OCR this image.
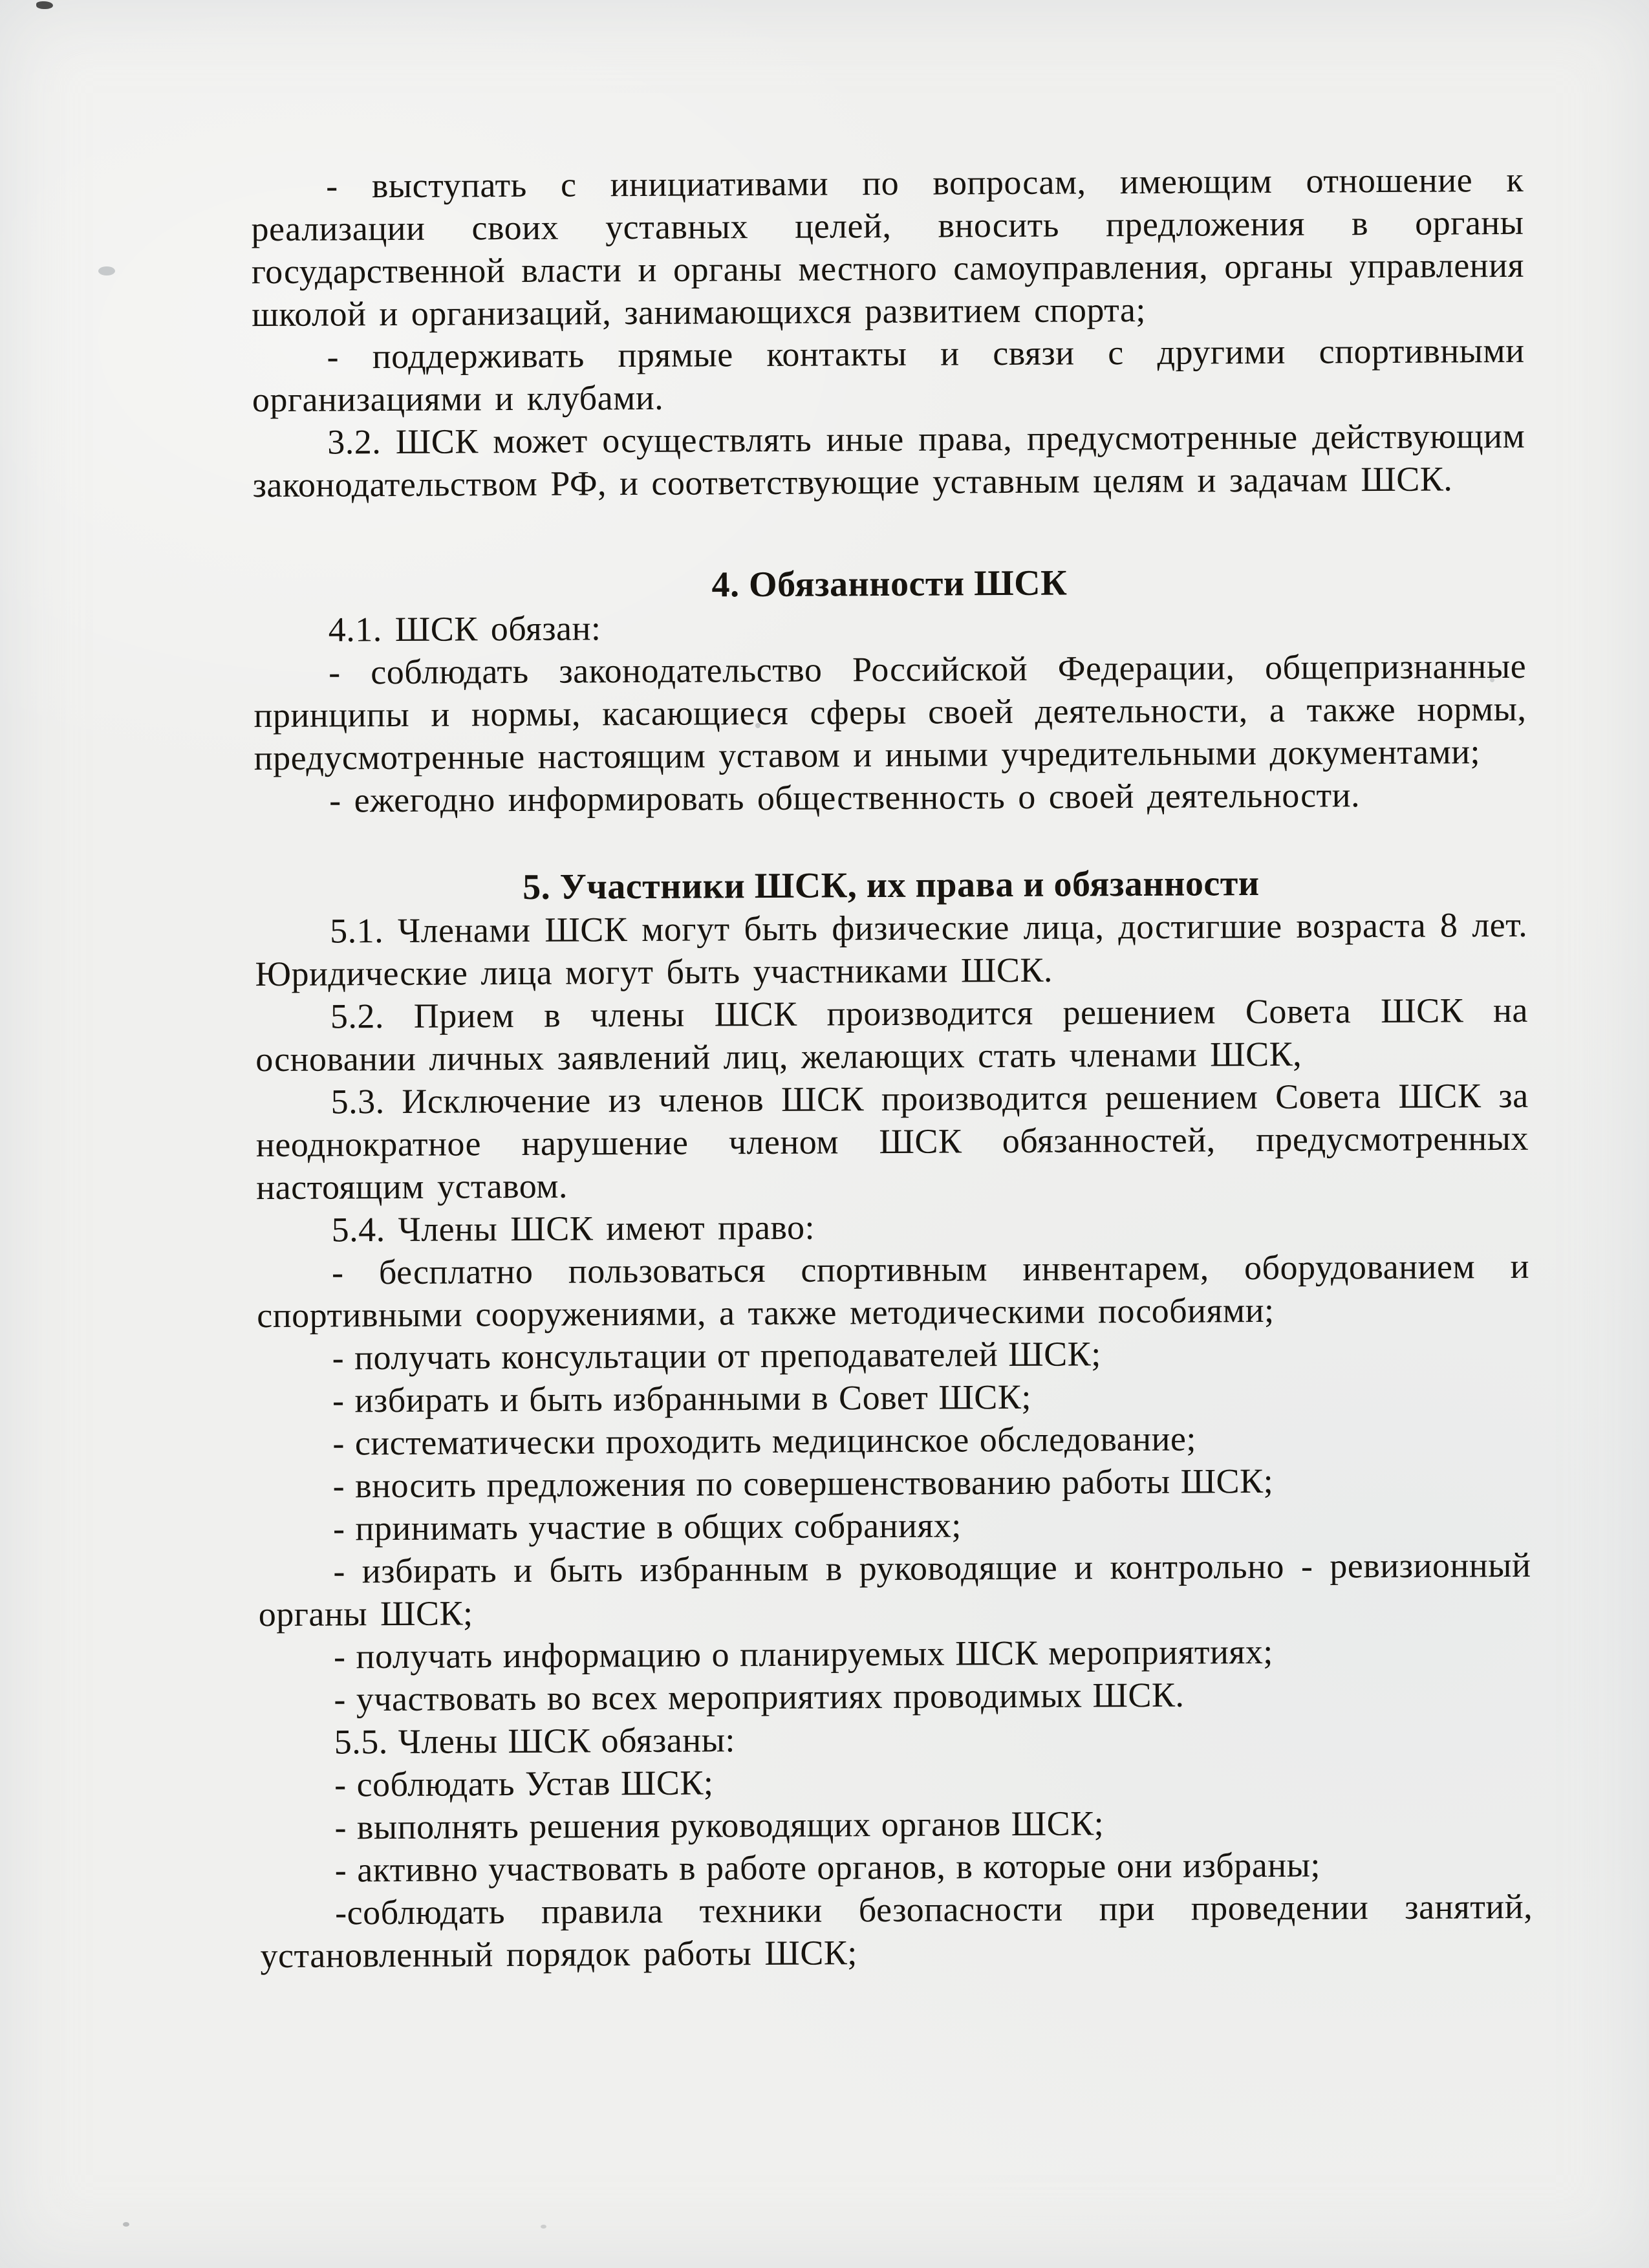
- выступать с инициативами по вопросам, имеющим отношение к реализации своих уставных целей, вносить предложения в органы государственной власти и органы местного самоуправления, органы управления школой и организаций, занимающихся развитием спорта;

- поддерживать прямые контакты и связи с другими спортивными организациями и клубами.

3.2. ШСК может осуществлять иные права, предусмотренные действующим законодательством РФ, и соответствующие уставным целям и задачам ШСК.

4. Обязанности ШСК

4.1. ШСК обязан:

- соблюдать законодательство Российской Федерации, общепризнанные принципы и нормы, касающиеся сферы своей деятельности, а также нормы, предусмотренные настоящим уставом и иными учредительными документами;

- ежегодно информировать общественность о своей деятельности.

5. Участники ШСК, их права и обязанности

5.1. Членами ШСК могут быть физические лица, достигшие возраста 8 лет. Юридические лица могут быть участниками ШСК.

5.2. Прием в члены ШСК производится решением Совета ШСК на основании личных заявлений лиц, желающих стать членами ШСК,

5.3. Исключение из членов ШСК производится решением Совета ШСК за неоднократное нарушение членом ШСК обязанностей, предусмотренных настоящим уставом.

5.4. Члены ШСК имеют право:

- бесплатно пользоваться спортивным инвентарем, оборудованием и спортивными сооружениями, а также методическими пособиями;

- получать консультации от преподавателей ШСК;

- избирать и быть избранными в Совет ШСК;

- систематически проходить медицинское обследование;

- вносить предложения по совершенствованию работы ШСК;

- принимать участие в общих собраниях;

- избирать и быть избранным в руководящие и контрольно - ревизионный органы ШСК;

- получать информацию о планируемых ШСК мероприятиях;

- участвовать во всех мероприятиях проводимых ШСК.

5.5. Члены ШСК обязаны:

- соблюдать Устав ШСК;

- выполнять решения руководящих органов ШСК;

- активно участвовать в работе органов, в которые они избраны;

-соблюдать правила техники безопасности при проведении занятий, установленный порядок работы ШСК;
